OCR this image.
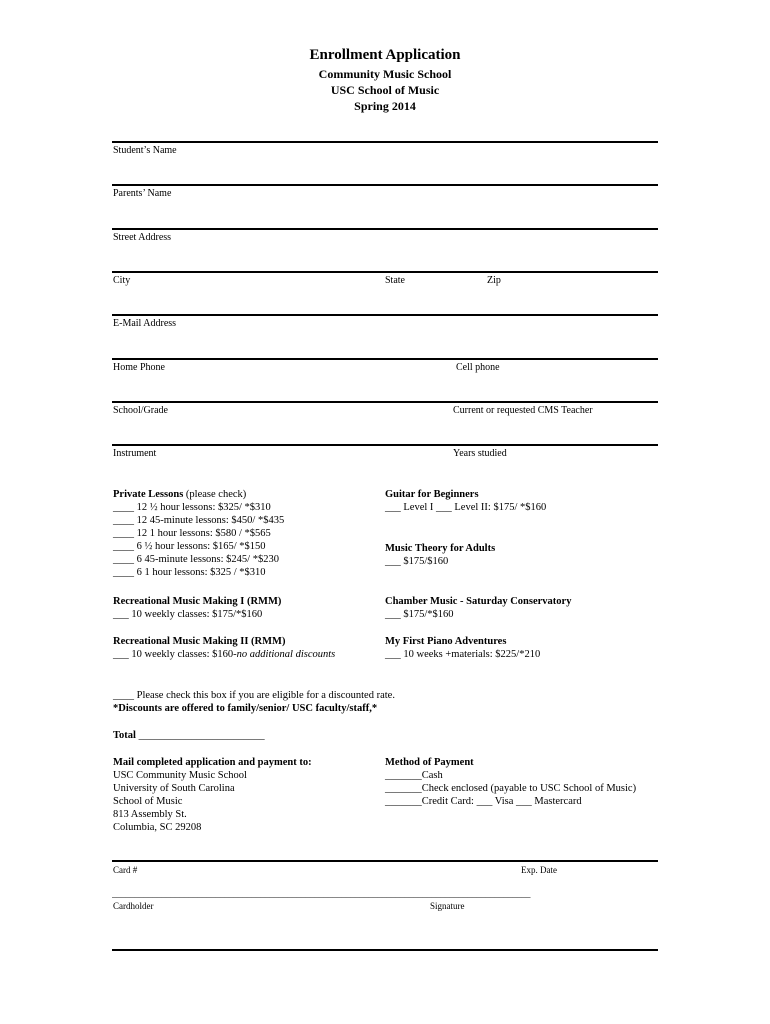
Enrollment Application
Community Music School
USC School of Music
Spring 2014
Student’s Name
Parents’ Name
Street Address
City	State	Zip
E-Mail Address
Home Phone	Cell phone
School/Grade	Current or requested CMS Teacher
Instrument	Years studied
Private Lessons (please check)
____ 12 ½ hour lessons: $325/ *$310
____ 12 45-minute lessons: $450/ *$435
____ 12 1 hour lessons: $580 / *$565
____ 6 ½ hour lessons: $165/ *$150
____ 6 45-minute lessons: $245/ *$230
____ 6 1 hour lessons: $325 / *$310
Guitar for Beginners
___ Level I ___ Level II: $175/ *$160
Music Theory for Adults
___ $175/$160
Recreational Music Making I (RMM)
___ 10 weekly classes: $175/*$160
Chamber Music - Saturday Conservatory
___ $175/*$160
Recreational Music Making II (RMM)
___ 10 weekly classes: $160-no additional discounts
My First Piano Adventures
___ 10 weeks +materials: $225/*210
____ Please check this box if you are eligible for a discounted rate.
*Discounts are offered to family/senior/ USC faculty/staff,*
Total ________________________
Mail completed application and payment to:
USC Community Music School
University of South Carolina
School of Music
813 Assembly St.
Columbia, SC 29208
Method of Payment
_______Cash
_______Check enclosed (payable to USC School of Music)
_______Credit Card: ___ Visa ___ Mastercard
Card #	Exp. Date
_____________________________________________________________________________________________
Cardholder	Signature
